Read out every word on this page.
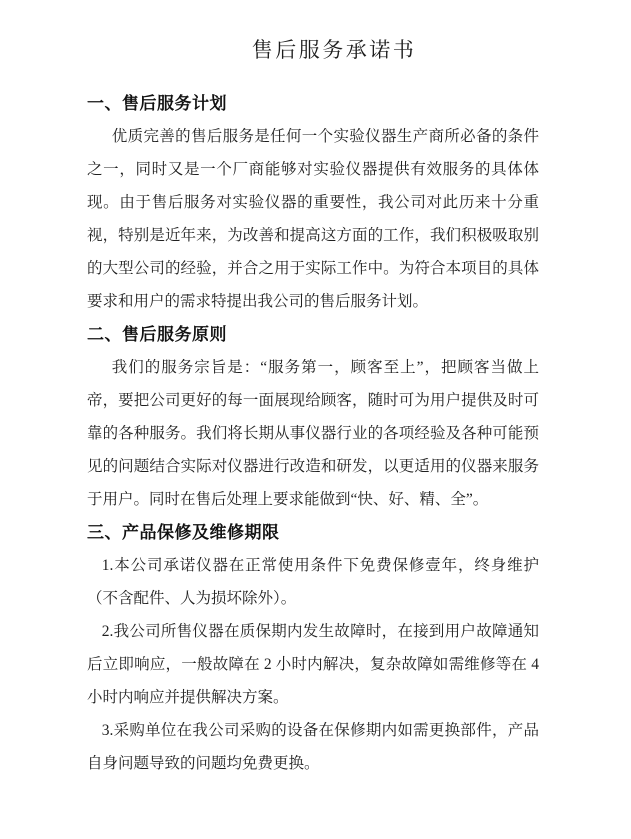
售后服务承诺书
一、售后服务计划

优质完善的售后服务是任何一个实验仪器生产商所必备的条件之一，同时又是一个厂商能够对实验仪器提供有效服务的具体体现。由于售后服务对实验仪器的重要性，我公司对此历来十分重视，特别是近年来，为改善和提高这方面的工作，我们积极吸取别的大型公司的经验，并合之用于实际工作中。为符合本项目的具体要求和用户的需求特提出我公司的售后服务计划。

二、售后服务原则

我们的服务宗旨是：“服务第一，顾客至上”，把顾客当做上帝，要把公司更好的每一面展现给顾客，随时可为用户提供及时可靠的各种服务。我们将长期从事仪器行业的各项经验及各种可能预见的问题结合实际对仪器进行改造和研发，以更适用的仪器来服务于用户。同时在售后处理上要求能做到“快、好、精、全”。

三、产品保修及维修期限

1.本公司承诺仪器在正常使用条件下免费保修壹年，终身维护（不含配件、人为损坏除外）。

2.我公司所售仪器在质保期内发生故障时，在接到用户故障通知后立即响应，一般故障在 2 小时内解决，复杂故障如需维修等在 4 小时内响应并提供解决方案。

3.采购单位在我公司采购的设备在保修期内如需更换部件，产品自身问题导致的问题均免费更换。
